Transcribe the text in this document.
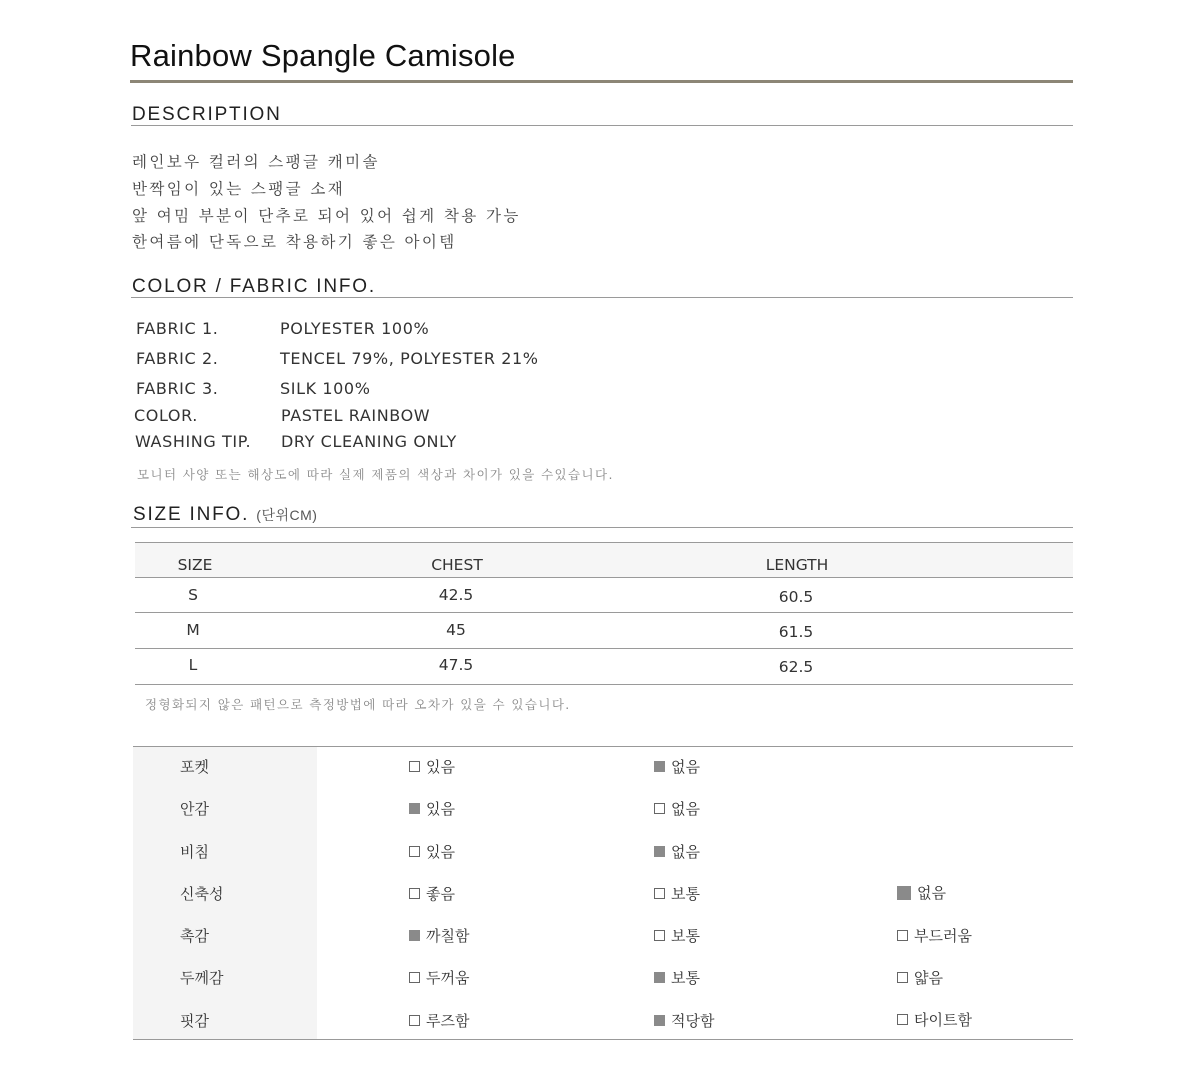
Rainbow Spangle Camisole
DESCRIPTION
레인보우 컬러의 스팽글 캐미솔
반짝임이 있는 스팽글 소재
앞 여밈 부분이 단추로 되어 있어 쉽게 착용 가능
한여름에 단독으로 착용하기 좋은 아이템
COLOR / FABRIC INFO.
FABRIC 1.	POLYESTER 100%
FABRIC 2.	TENCEL 79%, POLYESTER 21%
FABRIC 3.	SILK 100%
COLOR.	PASTEL RAINBOW
WASHING TIP. DRY CLEANING ONLY
모니터 사양 또는 해상도에 따라 실제 제품의 색상과 차이가 있을 수있습니다.
SIZE INFO. (단위CM)
SIZE	CHEST	LENGTH
S	42.5	60.5
M	45	61.5
L	47.5	62.5
정형화되지 않은 패턴으로 측정방법에 따라 오차가 있을 수 있습니다.
포켓	있음	없음
안감	있음	없음
비침	있음	없음
신축성	좋음	보통	없음
촉감	까칠함	보통	부드러움
두께감	두꺼움	보통	얇음
핏감	루즈함	적당함	타이트함
